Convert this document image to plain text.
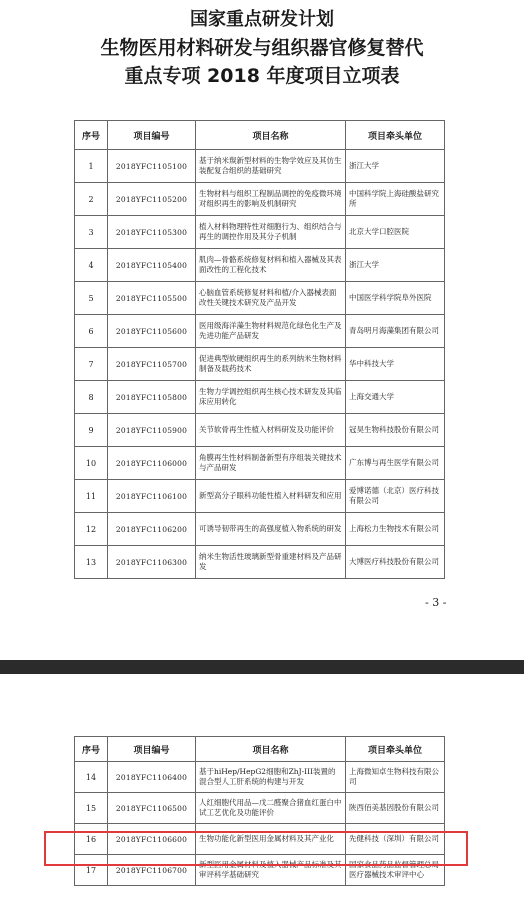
国家重点研发计划
生物医用材料研发与组织器官修复替代
重点专项 2018 年度项目立项表
序号	项目编号	项目名称	项目牵头单位
1	2018YFC1105100	基于纳米羰新型材料的生物学效应及其仿生装配复合组织的基础研究	浙江大学
2	2018YFC1105200	生物材料与组织工程制品调控的免疫微环境对组织再生的影响及机制研究	中国科学院上海硅酸盐研究所
3	2018YFC1105300	植入材料物理特性对细胞行为、组织结合与再生的调控作用及其分子机制	北京大学口腔医院
4	2018YFC1105400	肌肉—骨骼系统修复材料和植入器械及其表面改性的工程化技术	浙江大学
5	2018YFC1105500	心脑血管系统修复材料和植/介入器械表面改性关键技术研究及产品开发	中国医学科学院阜外医院
6	2018YFC1105600	医用级海洋藻生物材料规范化绿色化生产及先进功能产品研发	青岛明月海藻集团有限公司
7	2018YFC1105700	促进典型软硬组织再生的系列纳米生物材料制备及载药技术	华中科技大学
8	2018YFC1105800	生物力学调控组织再生核心技术研发及其临床应用转化	上海交通大学
9	2018YFC1105900	关节软骨再生性植入材料研发及功能评价	冠昊生物科技股份有限公司
10	2018YFC1106000	角膜再生性材料制备新型有序组装关键技术与产品研发	广东博与再生医学有限公司
11	2018YFC1106100	新型高分子眼科功能性植入材料研发和应用	爱博诺德（北京）医疗科技有限公司
12	2018YFC1106200	可诱导韧带再生的高强度植入物系统的研发	上海松力生物技术有限公司
13	2018YFC1106300	纳米生物活性玻璃新型骨重建材料及产品研发	大博医疗科技股份有限公司
- 3 -
序号	项目编号	项目名称	项目牵头单位
14	2018YFC1106400	基于hiHep/HepG2细胞和ZhJ-III装置的混合型人工肝系统的构建与开发	上海微知卓生物科技有限公司
15	2018YFC1106500	人红细胞代用品—戊二醛聚合猪血红蛋白中试工艺优化及功能评价	陕西佰美基因股份有限公司
16	2018YFC1106600	生物功能化新型医用金属材料及其产业化	先健科技（深圳）有限公司
17	2018YFC1106700	新型医用金属材料及植入器械产品标准及其审评科学基础研究	国家食品药品监督管理总局医疗器械技术审评中心
